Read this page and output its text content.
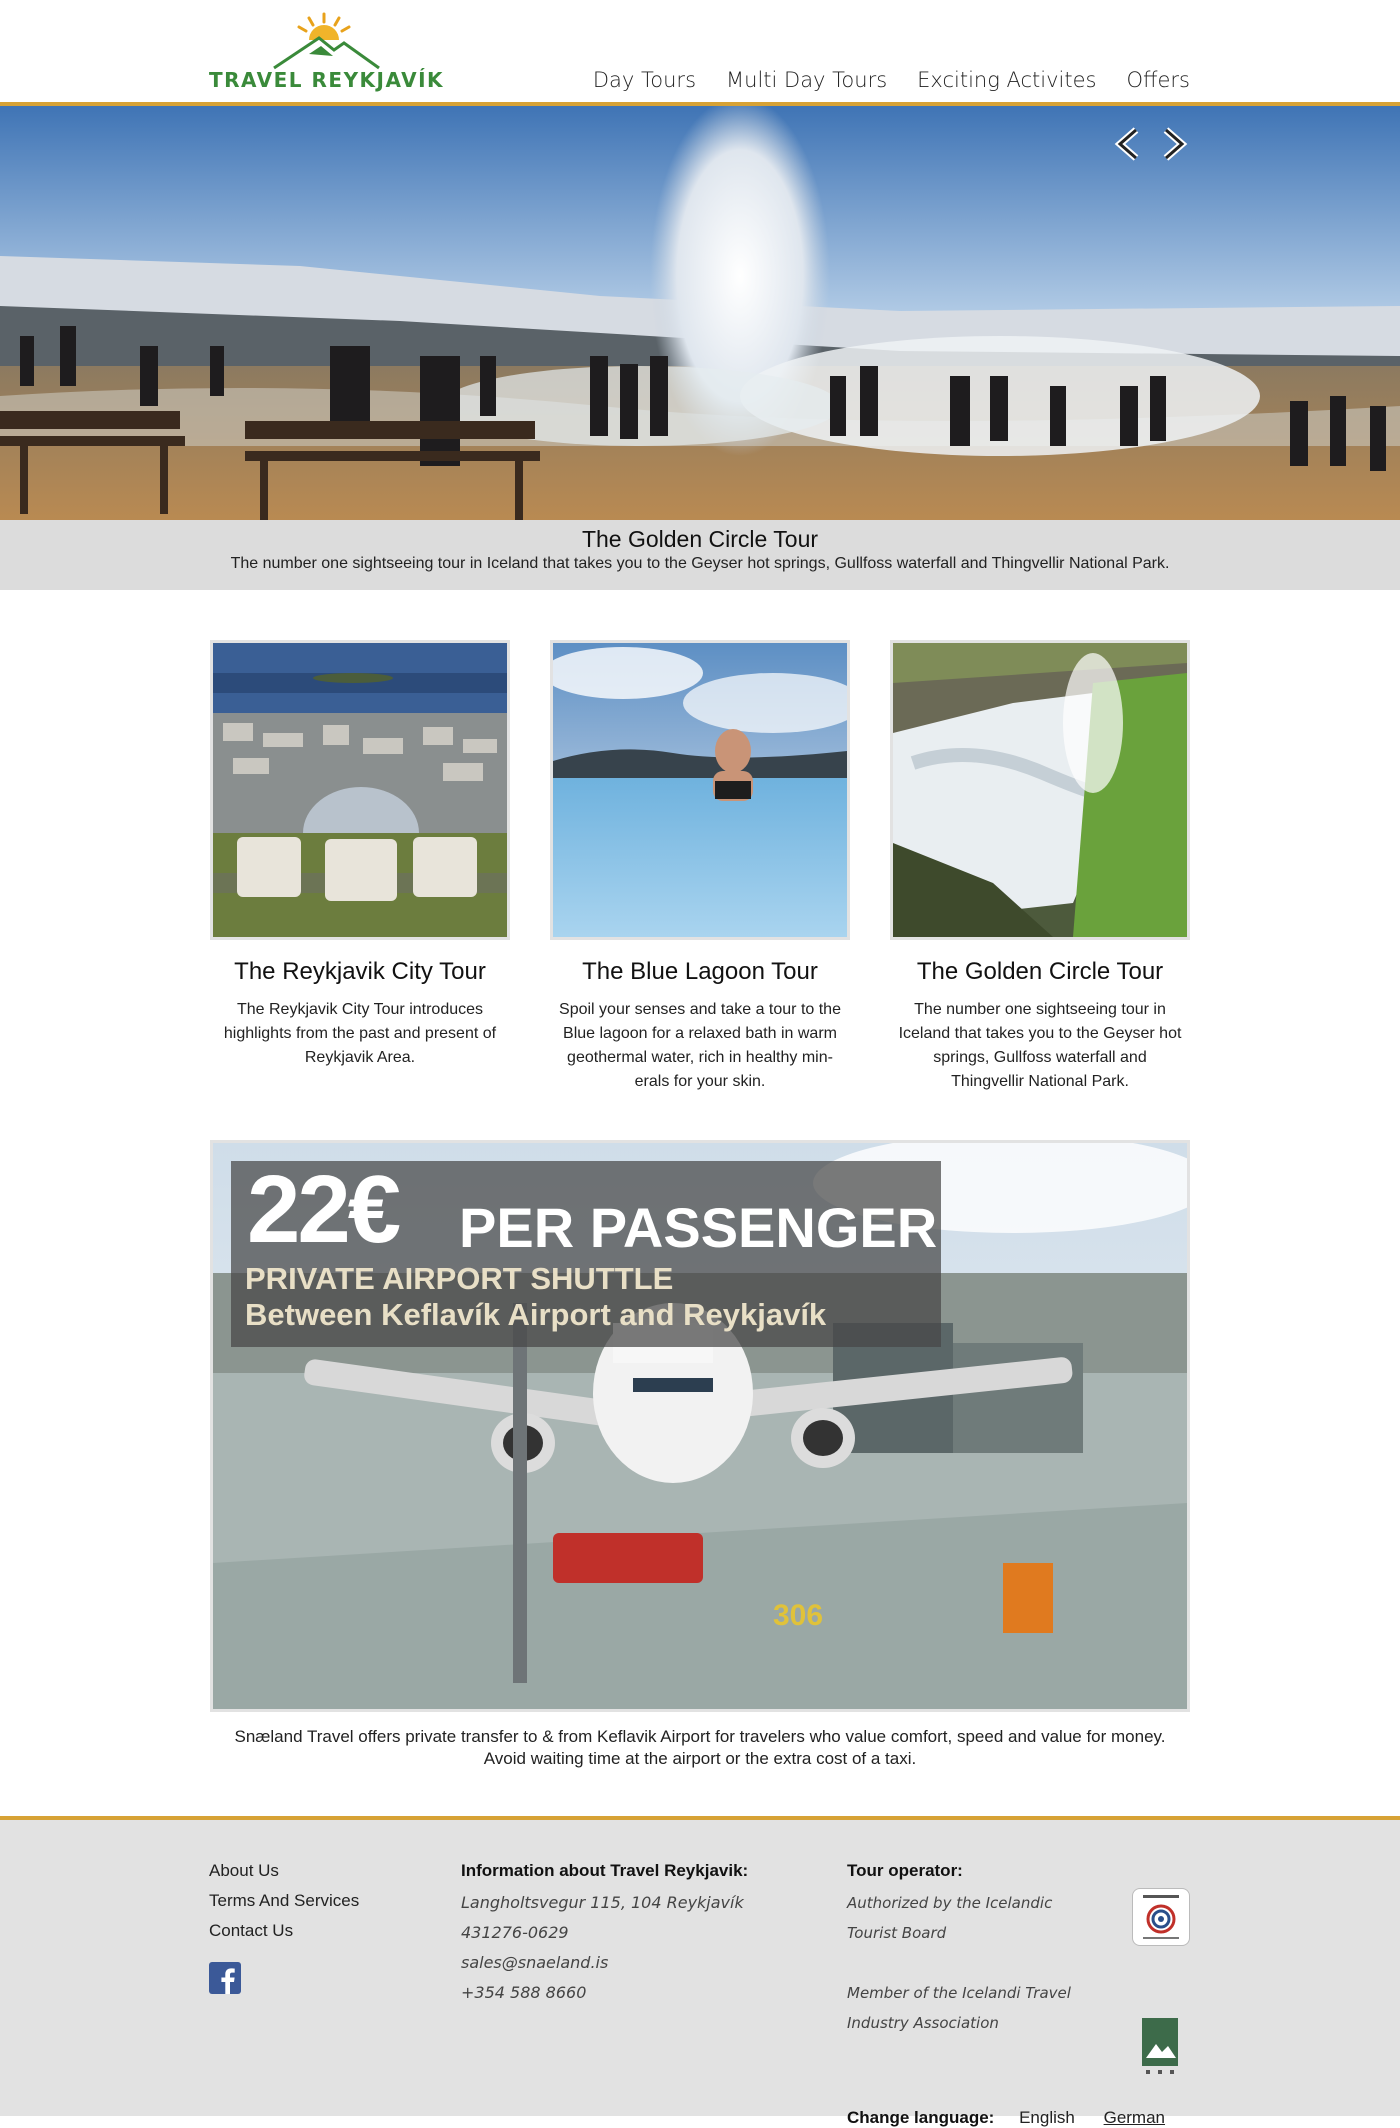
TRAVEL REYKJAVÍK	Day Tours Multi Day Tours Exciting Activites Offers
The Golden Circle Tour

The number one sightseeing tour in Iceland that takes you to the Geyser hot springs, Gullfoss waterfall and Thingvellir National Park.

The Reykjavik City Tour

The Reykjavik City Tour introduces highlights from the past and present of Reykjavik Area.

The Blue Lagoon Tour

Spoil your senses and take a tour to the Blue lagoon for a relaxed bath in warm geothermal water, rich in healthy min-erals for your skin.

The Golden Circle Tour

The number one sightseeing tour in Iceland that takes you to the Geyser hot springs, Gullfoss waterfall and Thingvellir National Park.

306
22€ PER PASSENGER
PRIVATE AIRPORT SHUTTLE
Between Keflavík Airport and Reykjavík
Snæland Travel offers private transfer to & from Keflavik Airport for travelers who value comfort, speed and value for money.
Avoid waiting time at the airport or the extra cost of a taxi.
About Us
Terms And Services
Contact Us
Information about Travel Reykjavik:
Langholtsvegur 115, 104 Reykjavík
431276-0629
sales@snaeland.is
+354 588 8660
Tour operator:
Authorized by the Icelandic Tourist Board
Member of the Icelandi Travel Industry Association
Change language: English German
